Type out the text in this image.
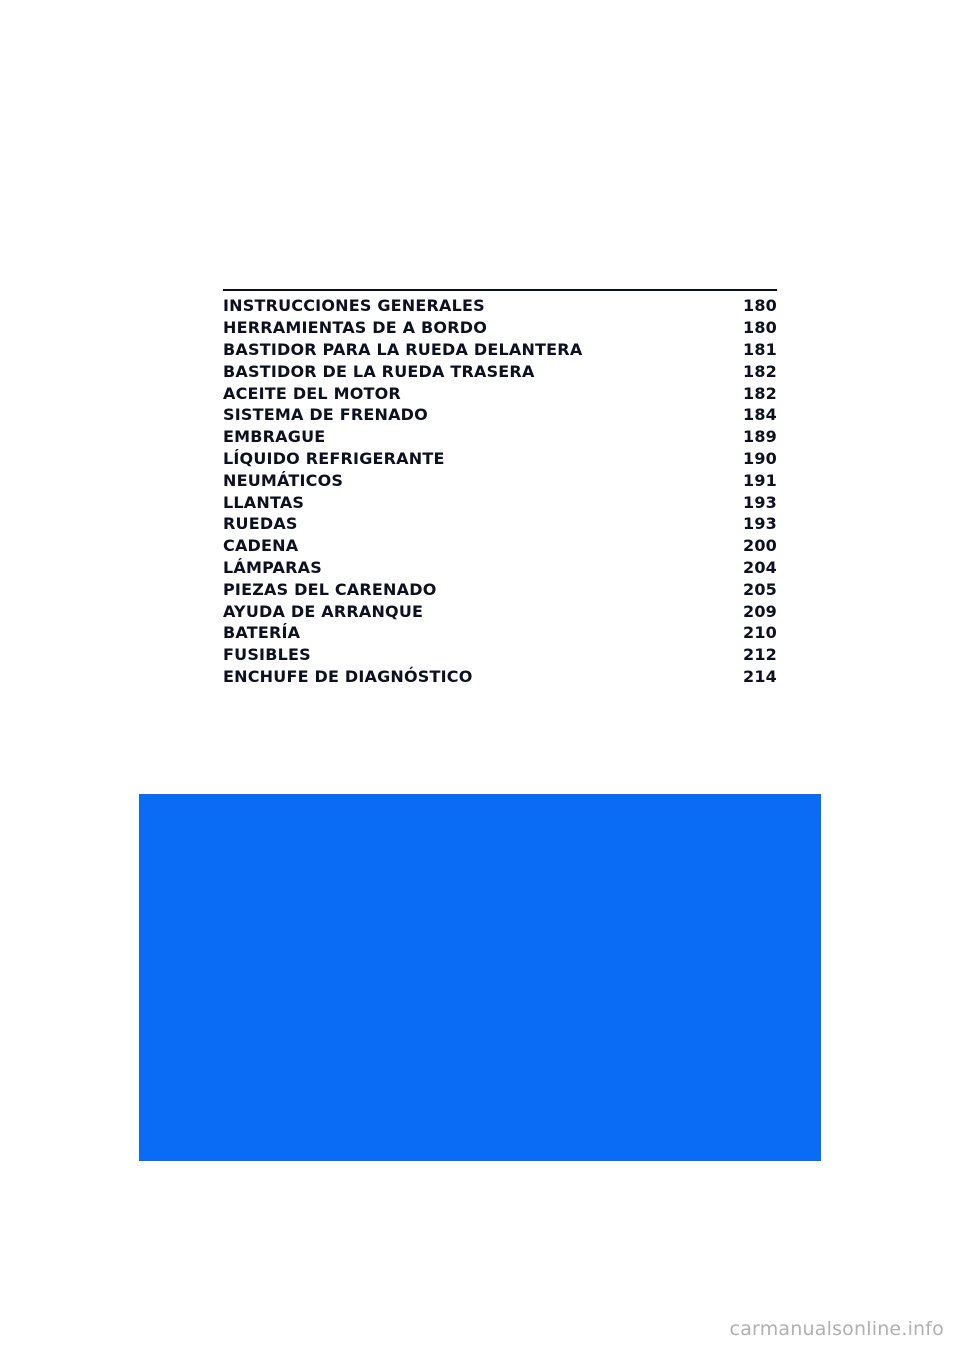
INSTRUCCIONES GENERALES	180
HERRAMIENTAS DE A BORDO	180
BASTIDOR PARA LA RUEDA DELANTERA	181
BASTIDOR DE LA RUEDA TRASERA	182
ACEITE DEL MOTOR	182
SISTEMA DE FRENADO	184
EMBRAGUE	189
LÍQUIDO REFRIGERANTE	190
NEUMÁTICOS	191
LLANTAS	193
RUEDAS	193
CADENA	200
LÁMPARAS	204
PIEZAS DEL CARENADO	205
AYUDA DE ARRANQUE	209
BATERÍA	210
FUSIBLES	212
ENCHUFE DE DIAGNÓSTICO	214
carmanualsonline.info
